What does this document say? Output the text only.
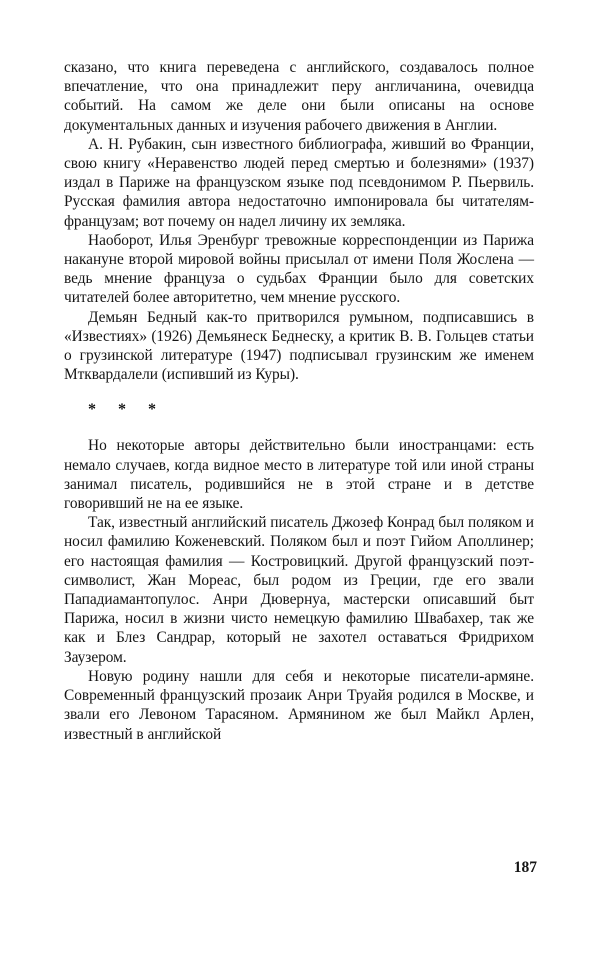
сказано, что книга переведена с английского, создавалось полное впечатление, что она принадлежит перу англичанина, очевидца событий. На самом же деле они были описаны на основе документальных данных и изучения рабочего движения в Англии.

А. Н. Рубакин, сын известного библиографа, живший во Франции, свою книгу «Неравенство людей перед смертью и болезнями» (1937) издал в Париже на французском языке под псевдонимом Р. Пьервиль. Русская фамилия автора недостаточно импонировала бы читателям-французам; вот почему он надел личину их земляка.

Наоборот, Илья Эренбург тревожные корреспонденции из Парижа накануне второй мировой войны присылал от имени Поля Жослена — ведь мнение француза о судьбах Франции было для советских читателей более авторитетно, чем мнение русского.

Демьян Бедный как-то притворился румыном, подписавшись в «Известиях» (1926) Демьянеск Беднеску, а критик В. В. Гольцев статьи о грузинской литературе (1947) подписывал грузинским же именем Мтквардалели (испивший из Куры).

* * *

Но некоторые авторы действительно были иностранцами: есть немало случаев, когда видное место в литературе той или иной страны занимал писатель, родившийся не в этой стране и в детстве говоривший не на ее языке.

Так, известный английский писатель Джозеф Конрад был поляком и носил фамилию Коженевский. Поляком был и поэт Гийом Аполлинер; его настоящая фамилия — Костровицкий. Другой французский поэт-символист, Жан Мореас, был родом из Греции, где его звали Пападиамантопулос. Анри Дювернуа, мастерски описавший быт Парижа, носил в жизни чисто немецкую фамилию Швабахер, так же как и Блез Сандрар, который не захотел оставаться Фридрихом Заузером.

Новую родину нашли для себя и некоторые писатели-армяне. Современный французский прозаик Анри Труайя родился в Москве, и звали его Левоном Тарасяном. Армянином же был Майкл Арлен, известный в английской

187
